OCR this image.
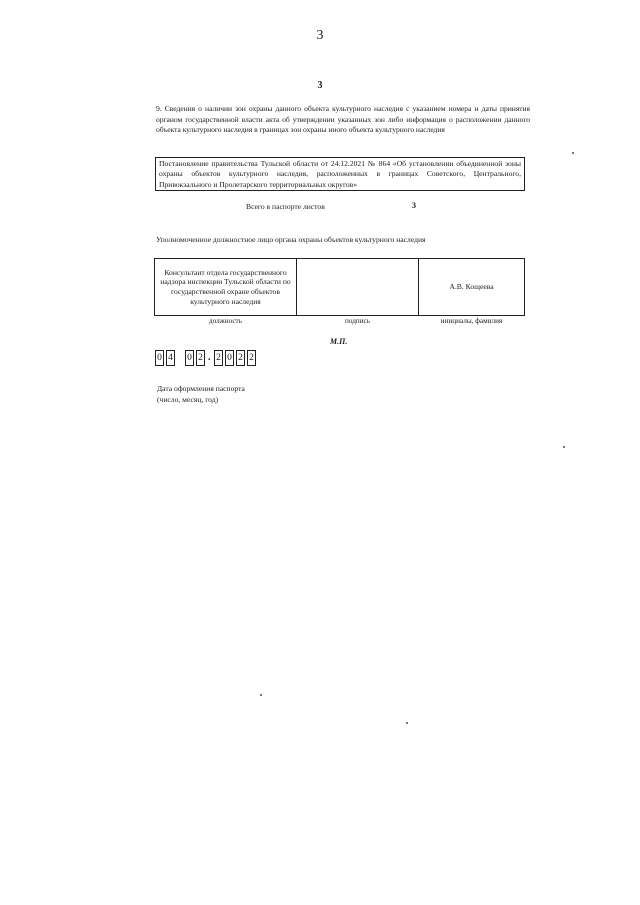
3
3
9. Сведения о наличии зон охраны данного объекта культурного наследия с указанием номера и даты принятия органом государственной власти акта об утверждении указанных зон либо информация о расположении данного объекта культурного наследия в границах зон охраны иного объекта культурного наследия
Постановление правительства Тульской области от 24.12.2021 № 864 «Об установлении объединенной зоны охраны объектов культурного наследия, расположенных в границах Советского, Центрального, Привокзального и Пролетарского территориальных округов»
Всего в паспорте листов	3
Уполномоченное должностное лицо органа охраны объектов культурного наследия
Консультант отдела государственного надзора инспекции Тульской области по государственной охране объектов культурного наследия		А.В. Кощеева
должность	подпись	инициалы, фамилия
М.П.
0 4 0 2 . 2 0 2 2
Дата оформления паспорта
(число, месяц, год)
